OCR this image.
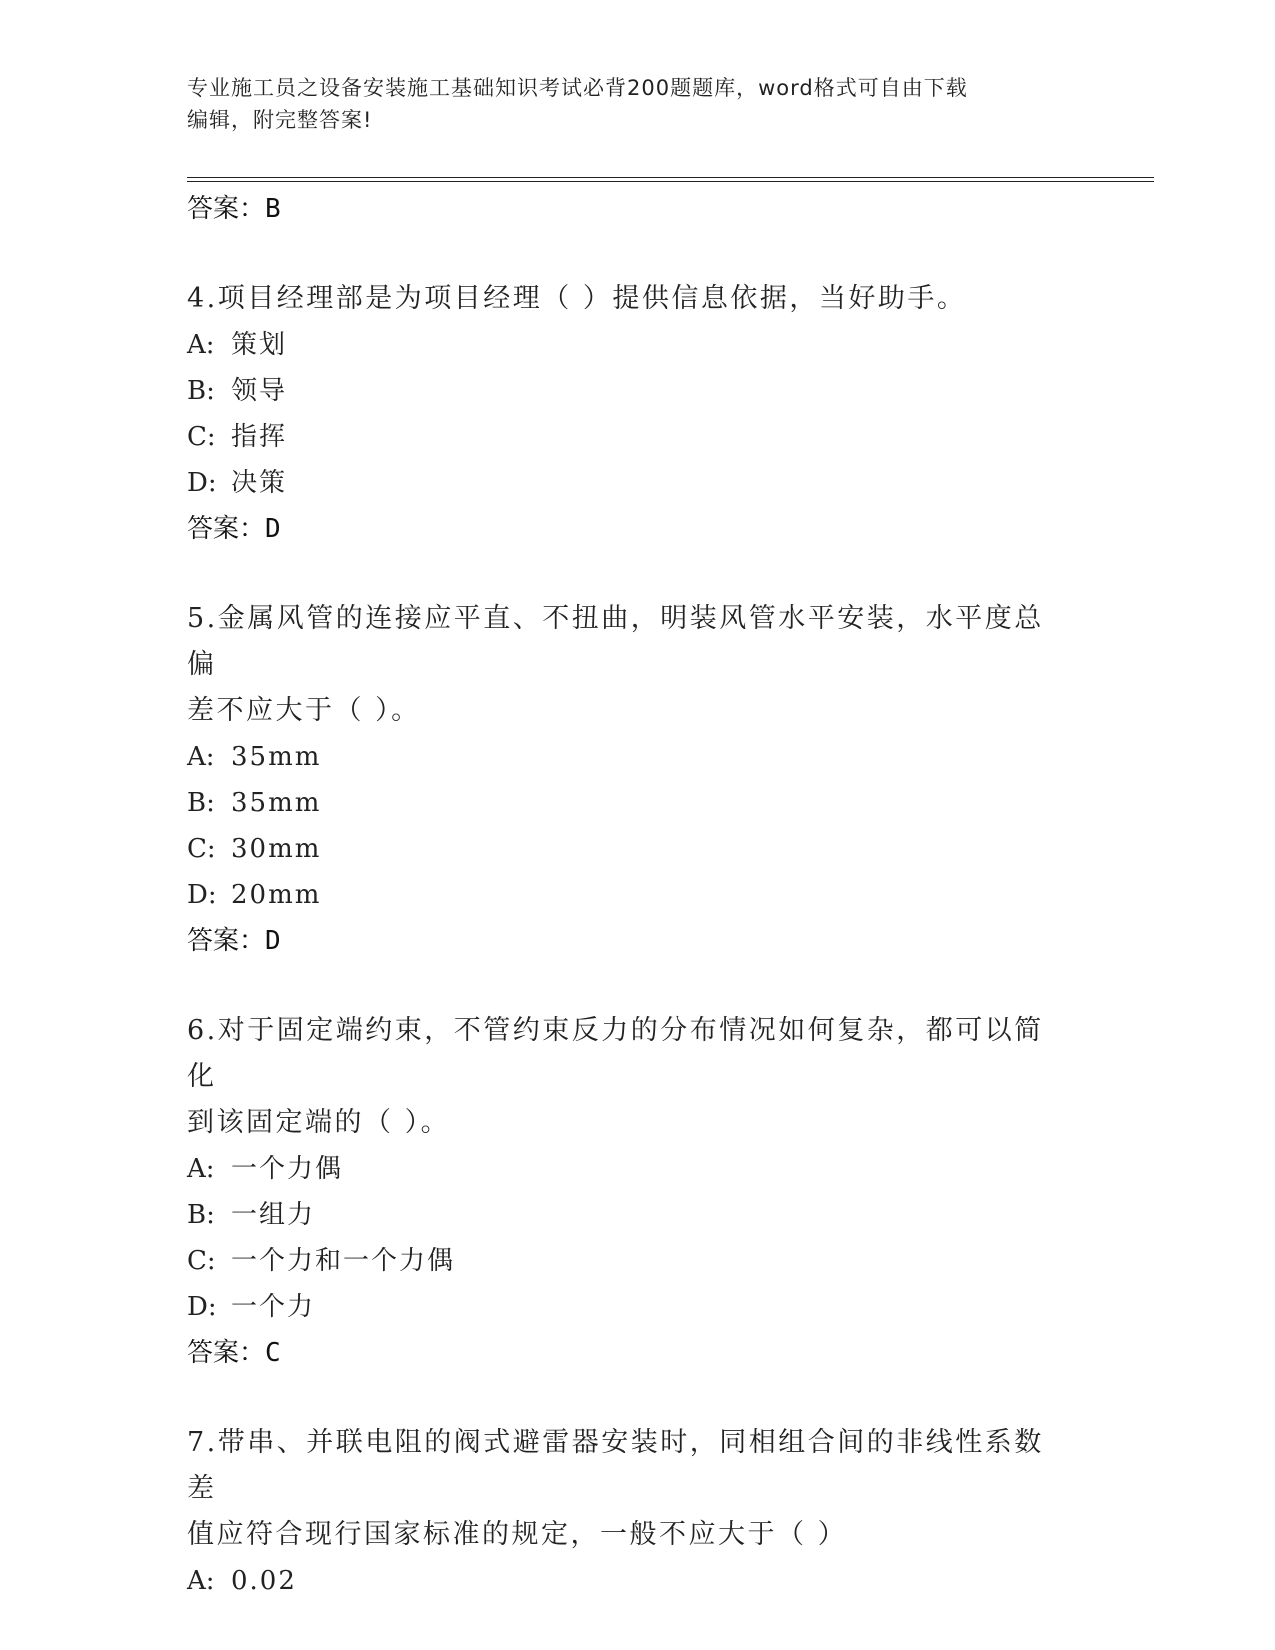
专业施工员之设备安装施工基础知识考试必背200题题库，word格式可自由下载
编辑，附完整答案!
答案：B
4.项目经理部是为项目经理（ ）提供信息依据，当好助手。
A: 策划
B: 领导
C: 指挥
D: 决策
答案：D
5.金属风管的连接应平直、不扭曲，明装风管水平安装，水平度总偏
差不应大于（ ）。
A: 35mm
B: 35mm
C: 30mm
D: 20mm
答案：D
6.对于固定端约束，不管约束反力的分布情况如何复杂，都可以简化
到该固定端的（ ）。
A: 一个力偶
B: 一组力
C: 一个力和一个力偶
D: 一个力
答案：C
7.带串、并联电阻的阀式避雷器安装时，同相组合间的非线性系数差
值应符合现行国家标准的规定，一般不应大于（ ）
A: 0.02
